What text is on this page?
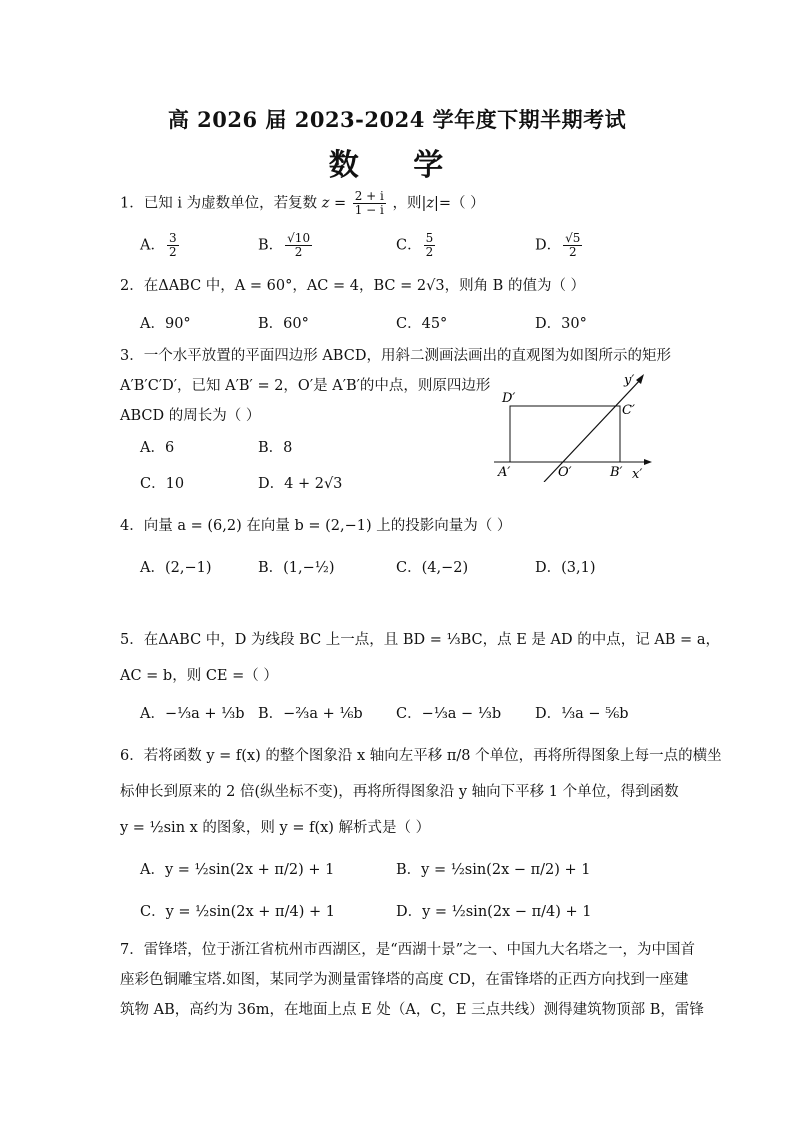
高 2026 届 2023-2024 学年度下期半期考试
数 学
1．已知 i 为虚数单位，若复数 $z = \frac{2 + i}{1 - i}$ ，则|z|=（ ）
A． $\frac{3}{2}$	B． $\frac{√10}{2}$	C． $\frac{5}{2}$	D． $\frac{√5}{2}$
2．在ΔABC 中，A = 60°，AC = 4，BC = 2√3，则角 B 的值为（ ）
A．90°	B．60°	C．45°	D．30°
3．一个水平放置的平面四边形 ABCD，用斜二测画法画出的直观图为如图所示的矩形
A′B′C′D′，已知 A′B′ = 2，O′是 A′B′的中点，则原四边形
ABCD 的周长为（ ）
A．6	B．8
C．10	D．4 + 2√3
D′
C′
A′	O′	B′ x′
y′
4．向量 a = (6,2) 在向量 b = (2,−1) 上的投影向量为（ ）
A．(2,−1)	B．(1,−½)	C．(4,−2)	D．(3,1)
5．在ΔABC 中，D 为线段 BC 上一点，且 BD = ⅓BC，点 E 是 AD 的中点，记 AB = a，
AC = b，则 CE =（ ）
A．−⅓a + ⅓b B．−⅔a + ⅙b C．−⅓a − ⅓b D．⅓a − ⅚b
6．若将函数 y = f(x) 的整个图象沿 x 轴向左平移 π/8 个单位，再将所得图象上每一点的横坐
标伸长到原来的 2 倍(纵坐标不变)，再将所得图象沿 y 轴向下平移 1 个单位，得到函数
y = ½sin x 的图象，则 y = f(x) 解析式是（ ）
A．y = ½sin(2x + π/2) + 1	B．y = ½sin(2x − π/2) + 1
C．y = ½sin(2x + π/4) + 1	D．y = ½sin(2x − π/4) + 1
7．雷锋塔，位于浙江省杭州市西湖区，是“西湖十景”之一、中国九大名塔之一，为中国首
座彩色铜雕宝塔.如图，某同学为测量雷锋塔的高度 CD，在雷锋塔的正西方向找到一座建
筑物 AB，高约为 36m，在地面上点 E 处（A，C，E 三点共线）测得建筑物顶部 B，雷锋
